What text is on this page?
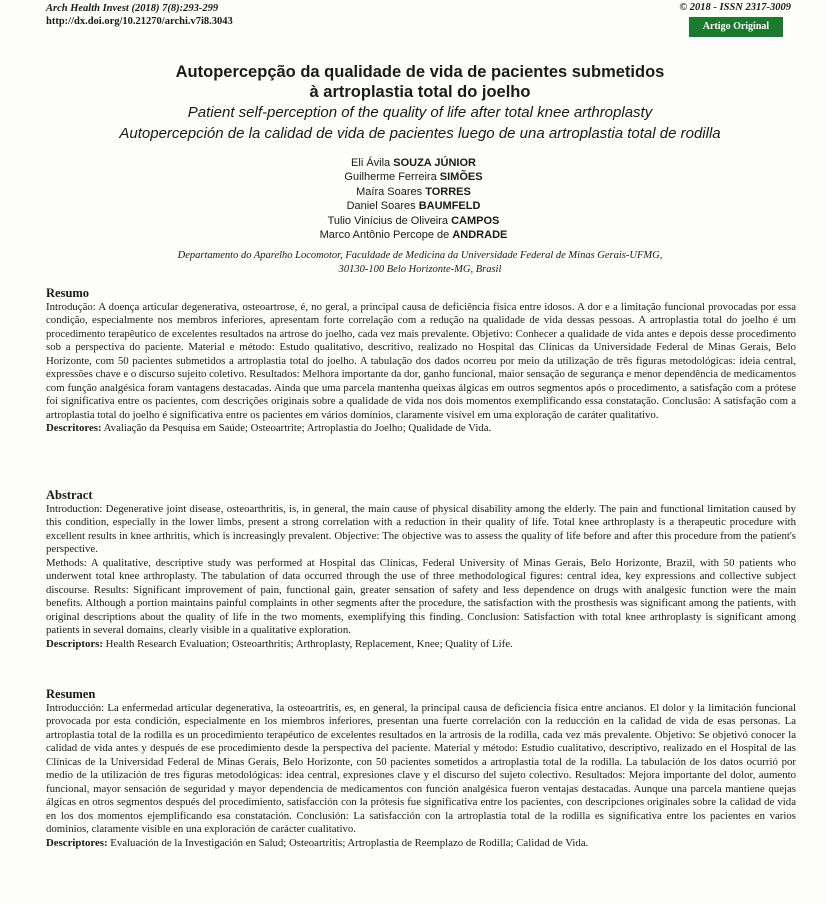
Arch Health Invest (2018) 7(8):293-299
http://dx.doi.org/10.21270/archi.v7i8.3043
© 2018 - ISSN 2317-3009
Artigo Original

Autopercepção da qualidade de vida de pacientes submetidos
à artroplastia total do joelho

Patient self-perception of the quality of life after total knee arthroplasty

Autopercepción de la calidad de vida de pacientes luego de una artroplastia total de rodilla

Eli Ávila SOUZA JÚNIOR
Guilherme Ferreira SIMÕES
Maíra Soares TORRES
Daniel Soares BAUMFELD
Tulio Vinícius de Oliveira CAMPOS
Marco Antônio Percope de ANDRADE
Departamento do Aparelho Locomotor, Faculdade de Medicina da Universidade Federal de Minas Gerais-UFMG,
30130-100 Belo Horizonte-MG, Brasil
Resumo

Introdução: A doença articular degenerativa, osteoartrose, é, no geral, a principal causa de deficiência física entre idosos. A dor e a limitação funcional provocadas por essa condição, especialmente nos membros inferiores, apresentam forte correlação com a redução na qualidade de vida dessas pessoas. A artroplastia total do joelho é um procedimento terapêutico de excelentes resultados na artrose do joelho, cada vez mais prevalente. Objetivo: Conhecer a qualidade de vida antes e depois desse procedimento sob a perspectiva do paciente. Material e método: Estudo qualitativo, descritivo, realizado no Hospital das Clínicas da Universidade Federal de Minas Gerais, Belo Horizonte, com 50 pacientes submetidos a artroplastia total do joelho. A tabulação dos dados ocorreu por meio da utilização de três figuras metodológicas: ideia central, expressões chave e o discurso sujeito coletivo. Resultados: Melhora importante da dor, ganho funcional, maior sensação de segurança e menor dependência de medicamentos com função analgésica foram vantagens destacadas. Ainda que uma parcela mantenha queixas álgicas em outros segmentos após o procedimento, a satisfação com a prótese foi significativa entre os pacientes, com descrições originais sobre a qualidade de vida nos dois momentos exemplificando essa constatação. Conclusão: A satisfação com a artroplastia total do joelho é significativa entre os pacientes em vários domínios, claramente visível em uma exploração de caráter qualitativo.

Descritores: Avaliação da Pesquisa em Saúde; Osteoartrite; Artroplastia do Joelho; Qualidade de Vida.

Abstract

Introduction: Degenerative joint disease, osteoarthritis, is, in general, the main cause of physical disability among the elderly. The pain and functional limitation caused by this condition, especially in the lower limbs, present a strong correlation with a reduction in their quality of life. Total knee arthroplasty is a therapeutic procedure with excellent results in knee arthritis, which is increasingly prevalent. Objective: The objective was to assess the quality of life before and after this procedure from the patient's perspective.

Methods: A qualitative, descriptive study was performed at Hospital das Clínicas, Federal University of Minas Gerais, Belo Horizonte, Brazil, with 50 patients who underwent total knee arthroplasty. The tabulation of data occurred through the use of three methodological figures: central idea, key expressions and collective subject discourse. Results: Significant improvement of pain, functional gain, greater sensation of safety and less dependence on drugs with analgesic function were the main benefits. Although a portion maintains painful complaints in other segments after the procedure, the satisfaction with the prosthesis was significant among the patients, with original descriptions about the quality of life in the two moments, exemplifying this finding. Conclusion: Satisfaction with total knee arthroplasty is significant among patients in several domains, clearly visible in a qualitative exploration.

Descriptors: Health Research Evaluation; Osteoarthritis; Arthroplasty, Replacement, Knee; Quality of Life.

Resumen

Introducción: La enfermedad articular degenerativa, la osteoartritis, es, en general, la principal causa de deficiencia física entre ancianos. El dolor y la limitación funcional provocada por esta condición, especialmente en los miembros inferiores, presentan una fuerte correlación con la reducción en la calidad de vida de esas personas. La artroplastia total de la rodilla es un procedimiento terapéutico de excelentes resultados en la artrosis de la rodilla, cada vez más prevalente. Objetivo: Se objetivó conocer la calidad de vida antes y después de ese procedimiento desde la perspectiva del paciente. Material y método: Estudio cualitativo, descriptivo, realizado en el Hospital de las Clínicas de la Universidad Federal de Minas Gerais, Belo Horizonte, con 50 pacientes sometidos a artroplastia total de la rodilla. La tabulación de los datos ocurrió por medio de la utilización de tres figuras metodológicas: idea central, expresiones clave y el discurso del sujeto colectivo. Resultados: Mejora importante del dolor, aumento funcional, mayor sensación de seguridad y mayor dependencia de medicamentos con función analgésica fueron ventajas destacadas. Aunque una parcela mantiene quejas álgicas en otros segmentos después del procedimiento, satisfacción con la prótesis fue significativa entre los pacientes, con descripciones originales sobre la calidad de vida en los dos momentos ejemplificando esa constatación. Conclusión: La satisfacción con la artroplastia total de la rodilla es significativa entre los pacientes en varios dominios, claramente visible en una exploración de carácter cualitativo.

Descriptores: Evaluación de la Investigación en Salud; Osteoartritis; Artroplastia de Reemplazo de Rodilla; Calidad de Vida.
